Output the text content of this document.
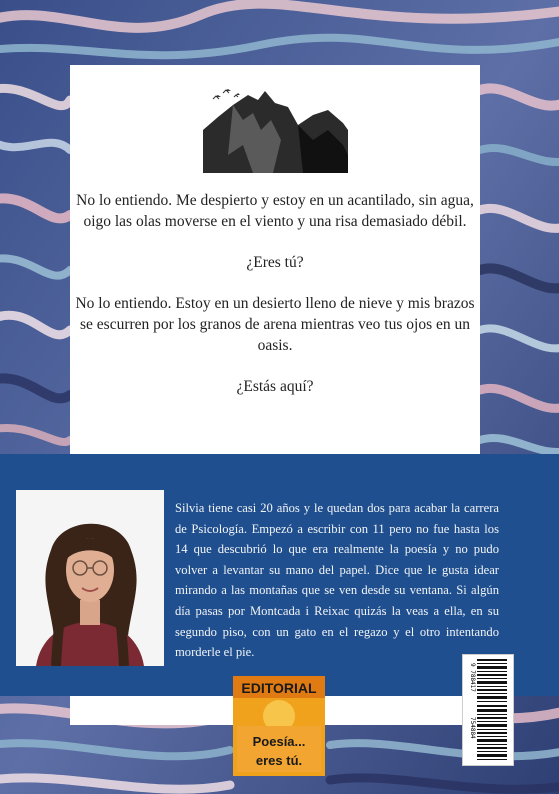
No lo entiendo. Me despierto y estoy en un acantilado, sin agua, oigo las olas moverse en el viento y una risa demasiado débil.

¿Eres tú?

No lo entiendo. Estoy en un desierto lleno de nieve y mis brazos se escurren por los granos de arena mientras veo tus ojos en un oasis.

¿Estás aquí?

Silvia tiene casi 20 años y le quedan dos para acabar la carrera de Psicología. Empezó a escribir con 11 pero no fue hasta los 14 que descubrió lo que era realmente la poesía y no pudo volver a levantar su mano del papel. Dice que le gusta idear mirando a las montañas que se ven desde su ventana. Si algún día pasas por Montcada i Reixac quizás la veas a ella, en su segundo piso, con un gato en el regazo y el otro intentando morderle el pie.
9 788417
754884
EDITORIAL
Poesía...
eres tú.
